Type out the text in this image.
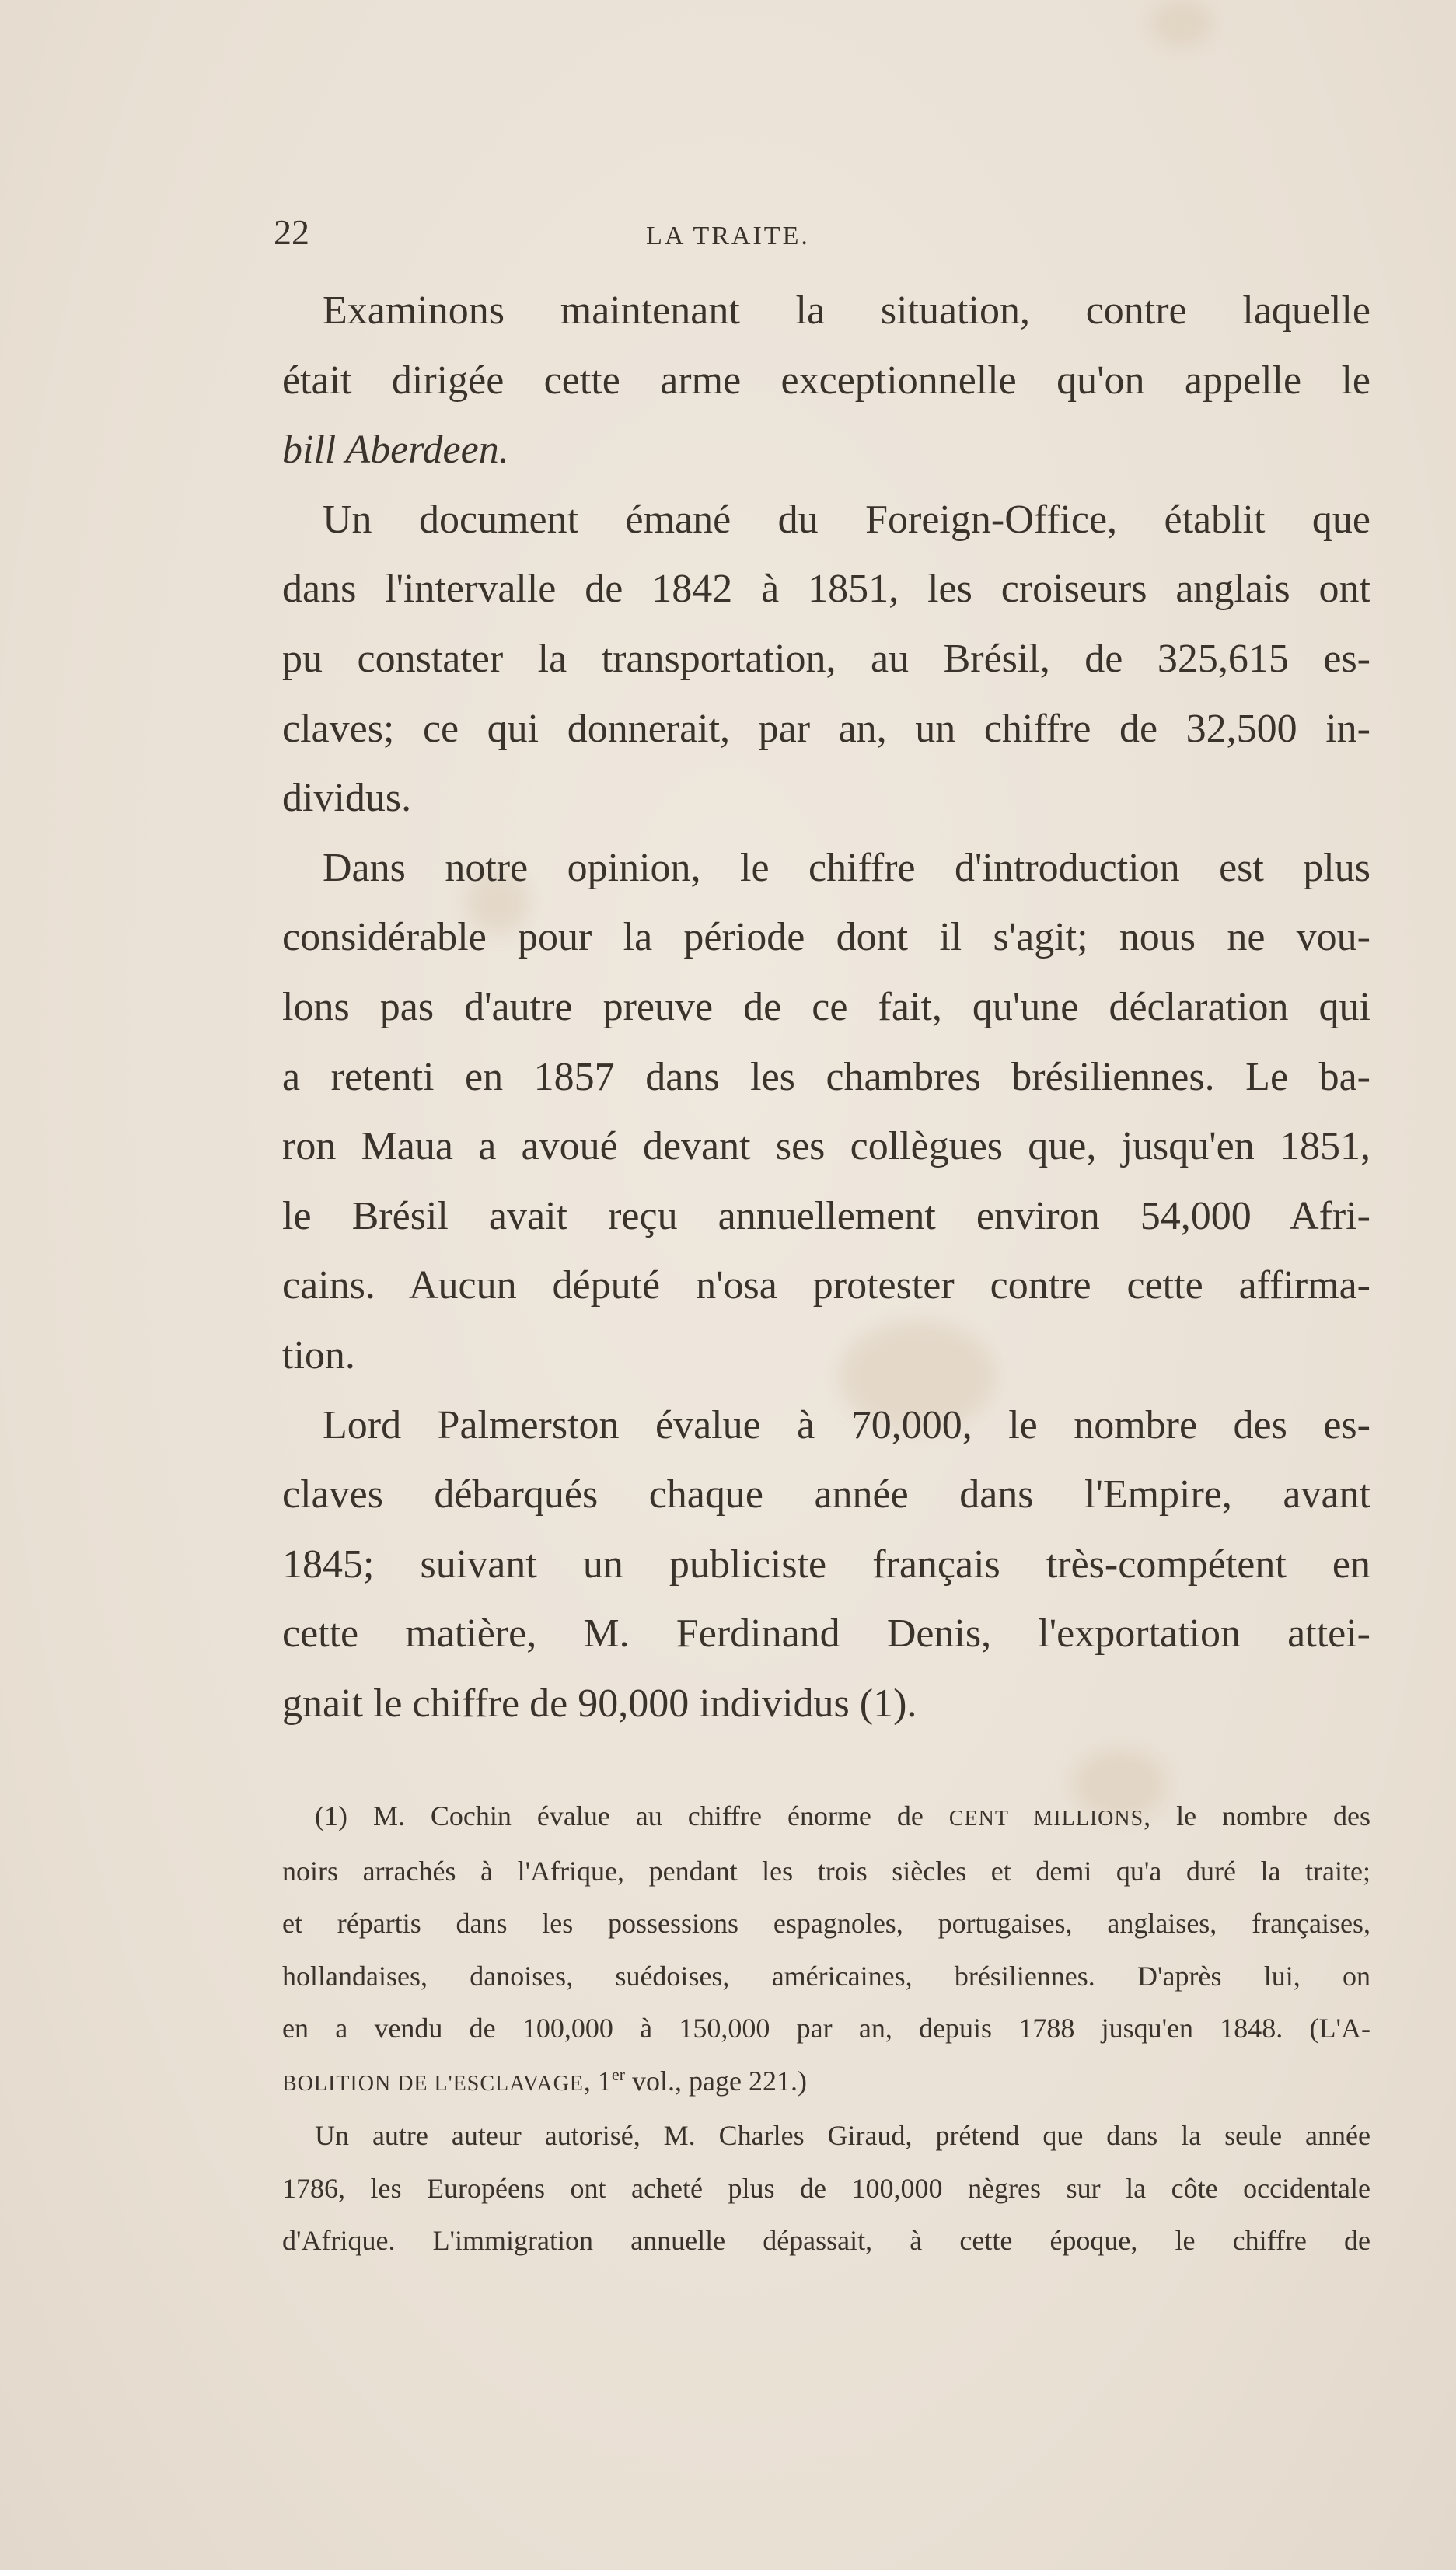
22	LA TRAITE.
Examinons maintenant la situation, contre laquelle
était dirigée cette arme exceptionnelle qu'on appelle le
bill Aberdeen.
Un document émané du Foreign-Office, établit que
dans l'intervalle de 1842 à 1851, les croiseurs anglais ont
pu constater la transportation, au Brésil, de 325,615 es-
claves; ce qui donnerait, par an, un chiffre de 32,500 in-
dividus.
Dans notre opinion, le chiffre d'introduction est plus
considérable pour la période dont il s'agit; nous ne vou-
lons pas d'autre preuve de ce fait, qu'une déclaration qui
a retenti en 1857 dans les chambres brésiliennes. Le ba-
ron Maua a avoué devant ses collègues que, jusqu'en 1851,
le Brésil avait reçu annuellement environ 54,000 Afri-
cains. Aucun député n'osa protester contre cette affirma-
tion.
Lord Palmerston évalue à 70,000, le nombre des es-
claves débarqués chaque année dans l'Empire, avant
1845; suivant un publiciste français très-compétent en
cette matière, M. Ferdinand Denis, l'exportation attei-
gnait le chiffre de 90,000 individus (1).
(1) M. Cochin évalue au chiffre énorme de CENT MILLIONS, le nombre des
noirs arrachés à l'Afrique, pendant les trois siècles et demi qu'a duré la traite;
et répartis dans les possessions espagnoles, portugaises, anglaises, françaises,
hollandaises, danoises, suédoises, américaines, brésiliennes. D'après lui, on
en a vendu de 100,000 à 150,000 par an, depuis 1788 jusqu'en 1848. (L'A-
BOLITION DE L'ESCLAVAGE, 1er vol., page 221.)
Un autre auteur autorisé, M. Charles Giraud, prétend que dans la seule année
1786, les Européens ont acheté plus de 100,000 nègres sur la côte occidentale
d'Afrique. L'immigration annuelle dépassait, à cette époque, le chiffre de
